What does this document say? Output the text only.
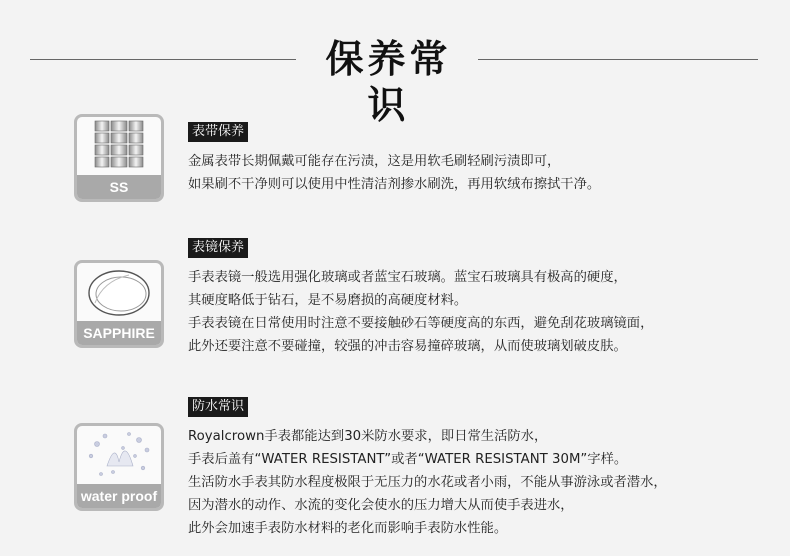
保养常识
SS
表带保养
金属表带长期佩戴可能存在污渍，这是用软毛刷轻刷污渍即可，
如果刷不干净则可以使用中性清洁剂掺水刷洗，再用软绒布擦拭干净。
SAPPHIRE
表镜保养
手表表镜一般选用强化玻璃或者蓝宝石玻璃。蓝宝石玻璃具有极高的硬度，
其硬度略低于钻石，是不易磨损的高硬度材料。
手表表镜在日常使用时注意不要接触砂石等硬度高的东西，避免刮花玻璃镜面，
此外还要注意不要碰撞，较强的冲击容易撞碎玻璃，从而使玻璃划破皮肤。
water proof
防水常识
Royalcrown手表都能达到30米防水要求，即日常生活防水，
手表后盖有“WATER RESISTANT”或者“WATER RESISTANT 30M”字样。
生活防水手表其防水程度极限于无压力的水花或者小雨，不能从事游泳或者潜水，
因为潜水的动作、水流的变化会使水的压力增大从而使手表进水，
此外会加速手表防水材料的老化而影响手表防水性能。
